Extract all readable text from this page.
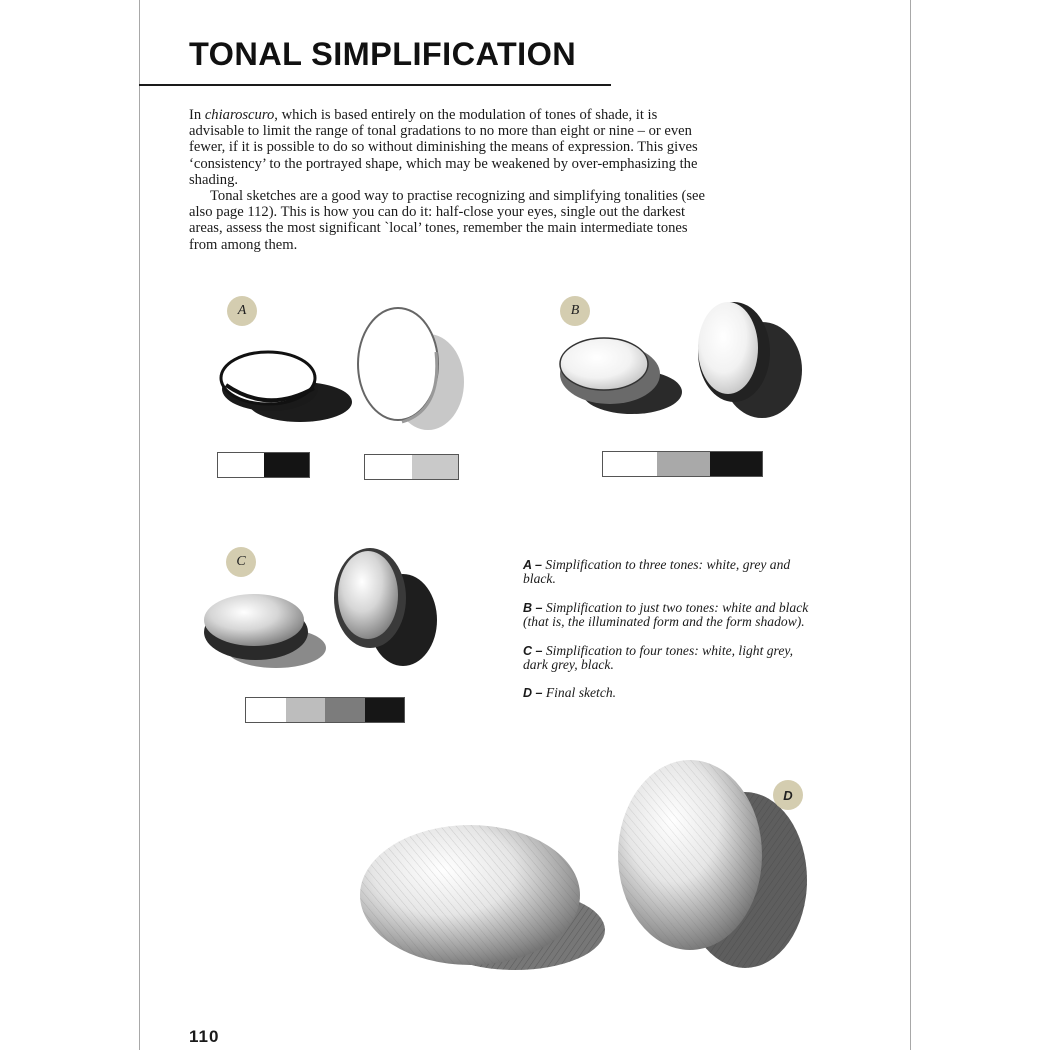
TONAL SIMPLIFICATION

In chiaroscuro, which is based entirely on the modulation of tones of shade, it is advisable to limit the range of tonal gradations to no more than eight or nine – or even fewer, if it is possible to do so without diminishing the means of expression. This gives ‘consistency’ to the portrayed shape, which may be weakened by over-emphasizing the shading.

Tonal sketches are a good way to practise recognizing and simplifying tonalities (see also page 112). This is how you can do it: half-close your eyes, single out the darkest areas, assess the most significant `local’ tones, remember the main intermediate tones from among them.

A	B
C	A – Simplification to three tones: white, grey and black.

B – Simplification to just two tones: white and black (that is, the illuminated form and the form shadow).

C – Simplification to four tones: white, light grey, dark grey, black.

D – Final sketch.

D
110
